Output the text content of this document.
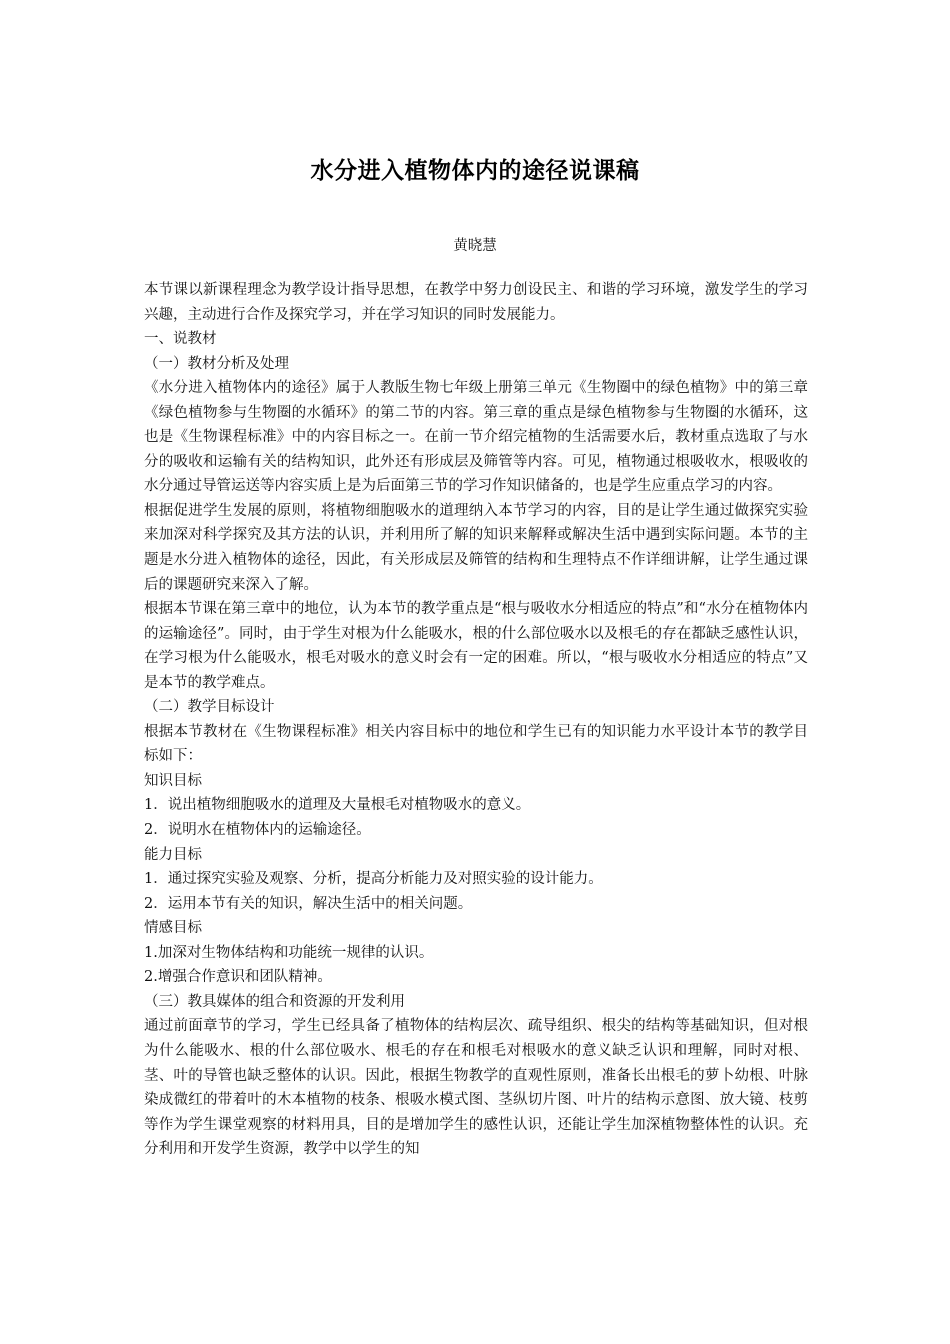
水分进入植物体内的途径说课稿
黄晓慧

本节课以新课程理念为教学设计指导思想，在教学中努力创设民主、和谐的学习环境，激发学生的学习兴趣，主动进行合作及探究学习，并在学习知识的同时发展能力。

一、说教材

（一）教材分析及处理

《水分进入植物体内的途径》属于人教版生物七年级上册第三单元《生物圈中的绿色植物》中的第三章《绿色植物参与生物圈的水循环》的第二节的内容。第三章的重点是绿色植物参与生物圈的水循环，这也是《生物课程标准》中的内容目标之一。在前一节介绍完植物的生活需要水后，教材重点选取了与水分的吸收和运输有关的结构知识，此外还有形成层及筛管等内容。可见，植物通过根吸收水，根吸收的水分通过导管运送等内容实质上是为后面第三节的学习作知识储备的，也是学生应重点学习的内容。

根据促进学生发展的原则，将植物细胞吸水的道理纳入本节学习的内容，目的是让学生通过做探究实验来加深对科学探究及其方法的认识，并利用所了解的知识来解释或解决生活中遇到实际问题。本节的主题是水分进入植物体的途径，因此，有关形成层及筛管的结构和生理特点不作详细讲解，让学生通过课后的课题研究来深入了解。

根据本节课在第三章中的地位，认为本节的教学重点是“根与吸收水分相适应的特点”和“水分在植物体内的运输途径”。同时，由于学生对根为什么能吸水，根的什么部位吸水以及根毛的存在都缺乏感性认识，在学习根为什么能吸水，根毛对吸水的意义时会有一定的困难。所以，“根与吸收水分相适应的特点”又是本节的教学难点。

（二）教学目标设计

根据本节教材在《生物课程标准》相关内容目标中的地位和学生已有的知识能力水平设计本节的教学目标如下：

知识目标

1．说出植物细胞吸水的道理及大量根毛对植物吸水的意义。

2．说明水在植物体内的运输途径。

能力目标

1．通过探究实验及观察、分析，提高分析能力及对照实验的设计能力。

2．运用本节有关的知识，解决生活中的相关问题。

情感目标

1.加深对生物体结构和功能统一规律的认识。

2.增强合作意识和团队精神。

（三）教具媒体的组合和资源的开发利用

通过前面章节的学习，学生已经具备了植物体的结构层次、疏导组织、根尖的结构等基础知识，但对根为什么能吸水、根的什么部位吸水、根毛的存在和根毛对根吸水的意义缺乏认识和理解，同时对根、茎、叶的导管也缺乏整体的认识。因此，根据生物教学的直观性原则，准备长出根毛的萝卜幼根、叶脉染成微红的带着叶的木本植物的枝条、根吸水模式图、茎纵切片图、叶片的结构示意图、放大镜、枝剪等作为学生课堂观察的材料用具，目的是增加学生的感性认识，还能让学生加深植物整体性的认识。充分利用和开发学生资源，教学中以学生的知
